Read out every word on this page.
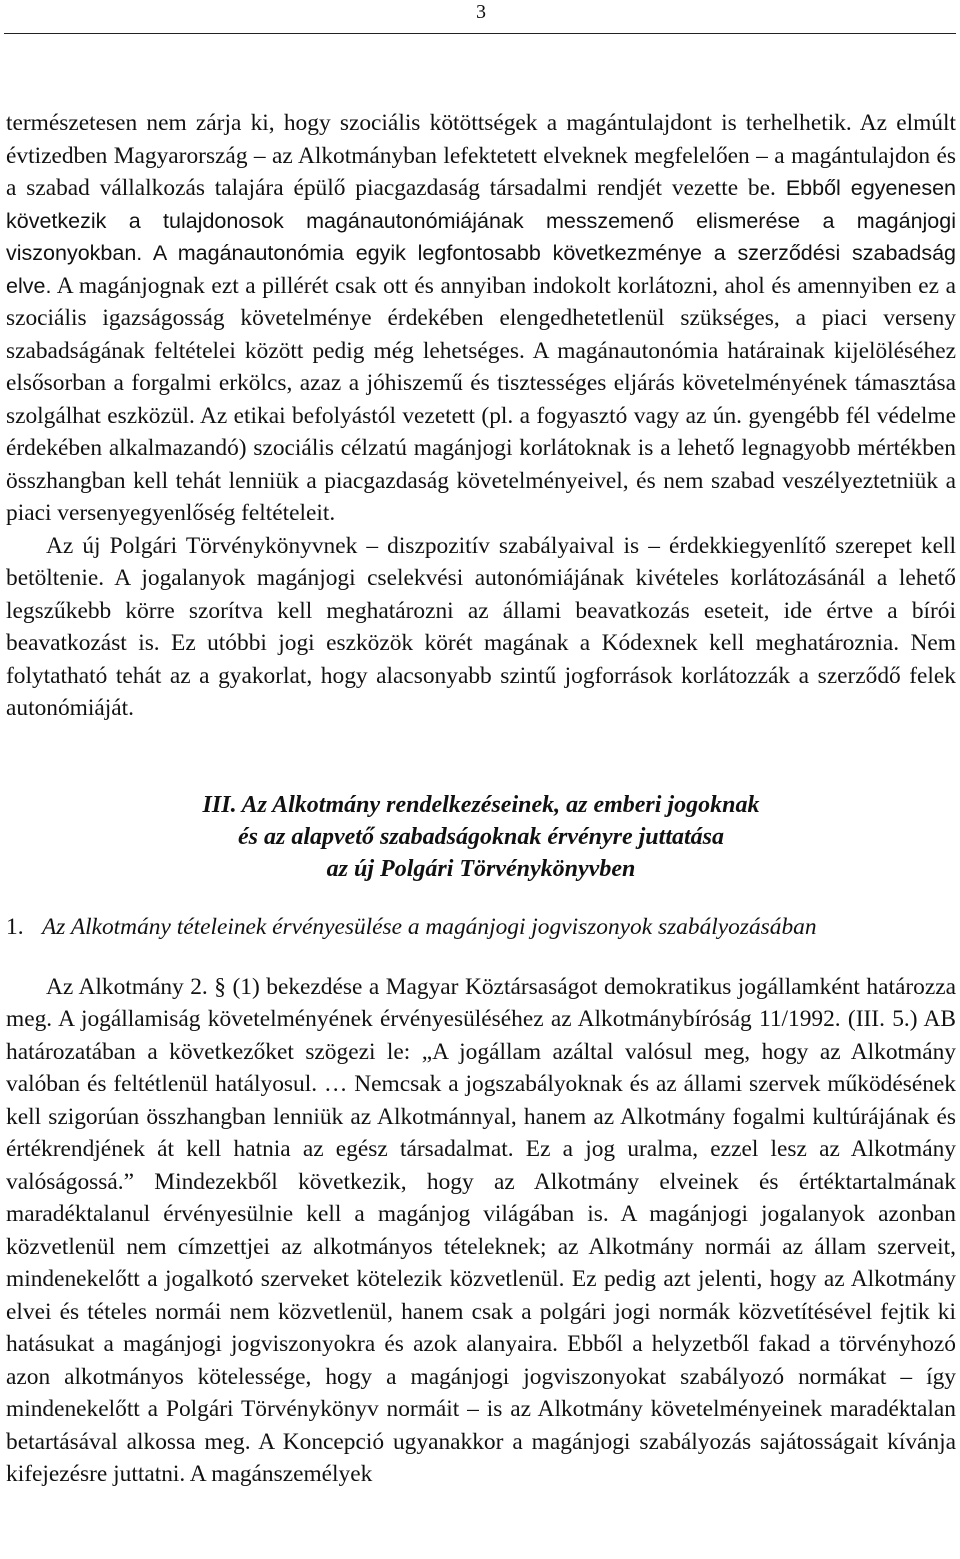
3

természetesen nem zárja ki, hogy szociális kötöttségek a magántulajdont is terhelhetik. Az elmúlt évtizedben Magyarország – az Alkotmányban lefektetett elveknek megfelelően – a magántulajdon és a szabad vállalkozás talajára épülő piacgazdaság társadalmi rendjét vezette be. Ebből egyenesen következik a tulajdonosok magánautonómiájának messzemenő elismerése a magánjogi viszonyokban. A magánautonómia egyik legfontosabb következménye a szerződési szabadság elve. A magánjognak ezt a pillérét csak ott és annyiban indokolt korlátozni, ahol és amennyiben ez a szociális igazságosság követelménye érdekében elengedhetetlenül szükséges, a piaci verseny szabadságának feltételei között pedig még lehetséges. A magánautonómia határainak kijelöléséhez elsősorban a forgalmi erkölcs, azaz a jóhiszemű és tisztességes eljárás követelményének támasztása szolgálhat eszközül. Az etikai befolyástól vezetett (pl. a fogyasztó vagy az ún. gyengébb fél védelme érdekében alkalmazandó) szociális célzatú magánjogi korlátoknak is a lehető legnagyobb mértékben összhangban kell tehát lenniük a piacgazdaság követelményeivel, és nem szabad veszélyeztetniük a piaci versenyegyenlőség feltételeit.

Az új Polgári Törvénykönyvnek – diszpozitív szabályaival is – érdekkiegyenlítő szerepet kell betöltenie. A jogalanyok magánjogi cselekvési autonómiájának kivételes korlátozásánál a lehető legszűkebb körre szorítva kell meghatározni az állami beavatkozás eseteit, ide értve a bírói beavatkozást is. Ez utóbbi jogi eszközök körét magának a Kódexnek kell meghatároznia. Nem folytatható tehát az a gyakorlat, hogy alacsonyabb szintű jogforrások korlátozzák a szerződő felek autonómiáját.

III. Az Alkotmány rendelkezéseinek, az emberi jogoknak
és az alapvető szabadságoknak érvényre juttatása
az új Polgári Törvénykönyvben
1. Az Alkotmány tételeinek érvényesülése a magánjogi jogviszonyok szabályozásában

Az Alkotmány 2. § (1) bekezdése a Magyar Köztársaságot demokratikus jogállamként határozza meg. A jogállamiság követelményének érvényesüléséhez az Alkotmánybíróság 11/1992. (III. 5.) AB határozatában a következőket szögezi le: „A jogállam azáltal valósul meg, hogy az Alkotmány valóban és feltétlenül hatályosul. … Nemcsak a jogszabályoknak és az állami szervek működésének kell szigorúan összhangban lenniük az Alkotmánnyal, hanem az Alkotmány fogalmi kultúrájának és értékrendjének át kell hatnia az egész társadalmat. Ez a jog uralma, ezzel lesz az Alkotmány valóságossá.” Mindezekből következik, hogy az Alkotmány elveinek és értéktartalmának maradéktalanul érvényesülnie kell a magánjog világában is. A magánjogi jogalanyok azonban közvetlenül nem címzettjei az alkotmányos tételeknek; az Alkotmány normái az állam szerveit, mindenekelőtt a jogalkotó szerveket kötelezik közvetlenül. Ez pedig azt jelenti, hogy az Alkotmány elvei és tételes normái nem közvetlenül, hanem csak a polgári jogi normák közvetítésével fejtik ki hatásukat a magánjogi jogviszonyokra és azok alanyaira. Ebből a helyzetből fakad a törvényhozó azon alkotmányos kötelessége, hogy a magánjogi jogviszonyokat szabályozó normákat – így mindenekelőtt a Polgári Törvénykönyv normáit – is az Alkotmány követelményeinek maradéktalan betartásával alkossa meg. A Koncepció ugyanakkor a magánjogi szabályozás sajátosságait kívánja kifejezésre juttatni. A magánszemélyek
